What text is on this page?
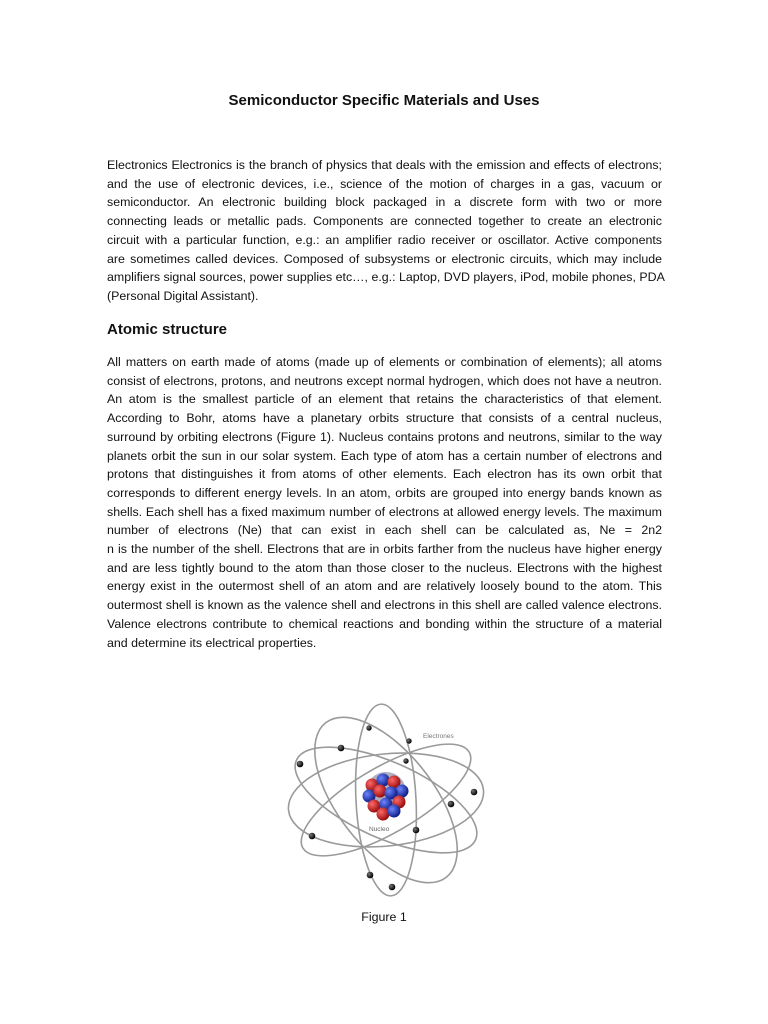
Semiconductor Specific Materials and Uses
Electronics Electronics is the branch of physics that deals with the emission and effects of electrons;
and the use of electronic devices, i.e., science of the motion of charges in a gas, vacuum or
semiconductor. An electronic building block packaged in a discrete form with two or more
connecting leads or metallic pads. Components are connected together to create an electronic
circuit with a particular function, e.g.: an amplifier radio receiver or oscillator. Active components
are sometimes called devices. Composed of subsystems or electronic circuits, which may include
amplifiers signal sources, power supplies etc…, e.g.: Laptop, DVD players, iPod, mobile phones, PDA
(Personal Digital Assistant).
Atomic structure
All matters on earth made of atoms (made up of elements or combination of elements); all atoms
consist of electrons, protons, and neutrons except normal hydrogen, which does not have a neutron.
An atom is the smallest particle of an element that retains the characteristics of that element.
According to Bohr, atoms have a planetary orbits structure that consists of a central nucleus,
surround by orbiting electrons (Figure 1). Nucleus contains protons and neutrons, similar to the way
planets orbit the sun in our solar system. Each type of atom has a certain number of electrons and
protons that distinguishes it from atoms of other elements. Each electron has its own orbit that
corresponds to different energy levels. In an atom, orbits are grouped into energy bands known as
shells. Each shell has a fixed maximum number of electrons at allowed energy levels. The maximum
number of electrons (Ne) that can exist in each shell can be calculated as, Ne = 2n2
n is the number of the shell. Electrons that are in orbits farther from the nucleus have higher energy
and are less tightly bound to the atom than those closer to the nucleus. Electrons with the highest
energy exist in the outermost shell of an atom and are relatively loosely bound to the atom. This
outermost shell is known as the valence shell and electrons in this shell are called valence electrons.
Valence electrons contribute to chemical reactions and bonding within the structure of a material
and determine its electrical properties.
Electrones
Nucleo
Figure 1
